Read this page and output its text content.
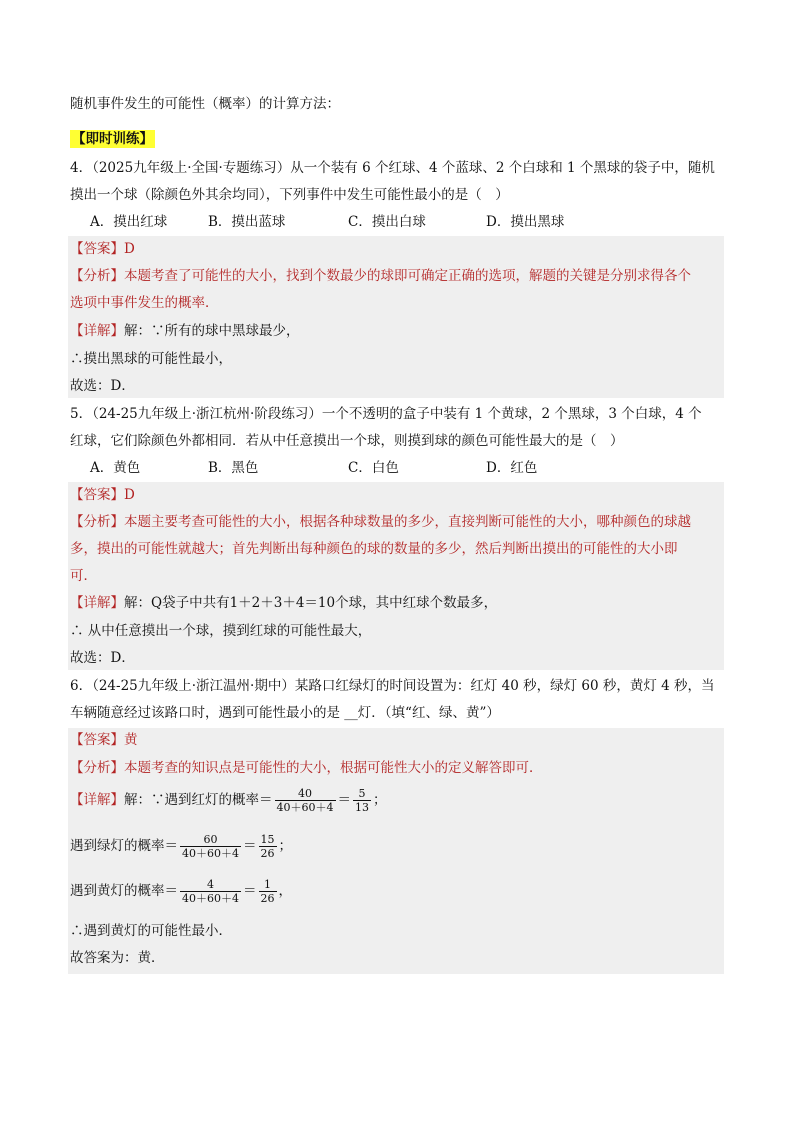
随机事件发生的可能性（概率）的计算方法：
【即时训练】
4．（2025九年级上·全国·专题练习）从一个装有 6 个红球、4 个蓝球、2 个白球和 1 个黑球的袋子中，随机
摸出一个球（除颜色外其余均同），下列事件中发生可能性最小的是（　）
A．摸出红球	B．摸出蓝球	C．摸出白球	D．摸出黑球
【答案】D
【分析】本题考查了可能性的大小，找到个数最少的球即可确定正确的选项，解题的关键是分别求得各个
选项中事件发生的概率．
【详解】解：∵所有的球中黑球最少，
∴摸出黑球的可能性最小，
故选：D．
5．（24-25九年级上·浙江杭州·阶段练习）一个不透明的盒子中装有 1 个黄球，2 个黑球，3 个白球，4 个
红球，它们除颜色外都相同．若从中任意摸出一个球，则摸到球的颜色可能性最大的是（　）
A．黄色	B．黑色	C．白色	D．红色
【答案】D
【分析】本题主要考查可能性的大小，根据各种球数量的多少，直接判断可能性的大小，哪种颜色的球越
多，摸出的可能性就越大；首先判断出每种颜色的球的数量的多少，然后判断出摸出的可能性的大小即
可．
【详解】解：Q袋子中共有1＋2＋3＋4＝10个球，其中红球个数最多，
∴ 从中任意摸出一个球，摸到红球的可能性最大，
故选：D．
6．（24-25九年级上·浙江温州·期中）某路口红绿灯的时间设置为：红灯 40 秒，绿灯 60 秒，黄灯 4 秒，当
车辆随意经过该路口时，遇到可能性最小的是 __灯．（填“红、绿、黄”）
【答案】黄
【分析】本题考查的知识点是可能性的大小，根据可能性大小的定义解答即可．
【详解】解：∵遇到红灯的概率＝ $\frac{40}{40+60+4} = \frac{5}{13}$ ；
遇到绿灯的概率＝ $\frac{60}{40+60+4} = \frac{15}{26}$ ；
遇到黄灯的概率＝ $\frac{4}{40+60+4} = \frac{1}{26}$ ，
∴遇到黄灯的可能性最小．
故答案为：黄．
